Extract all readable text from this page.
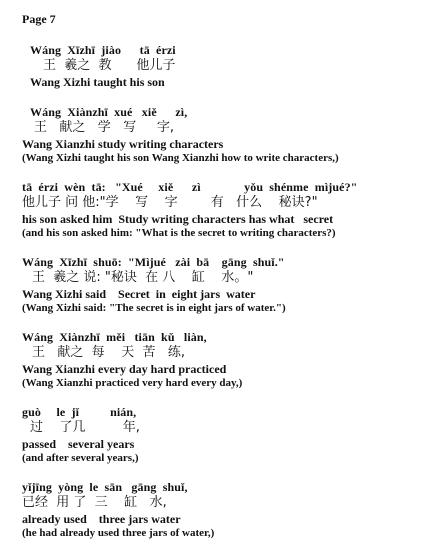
Page 7
Wáng  Xīzhī  jiào      tā  érzi
王  羲之  教      他儿子
Wang Xizhi taught his son
Wáng  Xiànzhī  xué   xiě      zì,
王   献之   学   写     字,
Wang Xianzhi study writing characters
(Wang Xizhi taught his son Wang Xianzhi how to write characters,)
tā  érzi  wèn  tā:   "Xué     xiě      zì              yǒu  shénme  mìjué?"
他儿子 问 他:"学    写    字        有   什么    秘诀?"
his son asked him  Study writing characters has what   secret
(and his son asked him: "What is the secret to writing characters?)
Wáng  Xīzhī  shuō:  "Mìjué   zài  bā    gāng  shuǐ."
王  羲之 说: "秘诀  在 八    缸    水。"
Wang Xizhi said    Secret  in  eight jars  water
(Wang Xizhi said: "The secret is in eight jars of water.")
Wáng  Xiànzhī  měi   tiān  kǔ   liàn,
王   献之  每    天  苦   练,
Wang Xianzhi every day hard practiced
(Wang Xianzhi practiced very hard every day,)
guò     le  jǐ          nián,
过    了几         年,
passed    several years
(and after several years,)
yǐjīng  yòng  le  sān   gāng  shuǐ,
已经  用 了  三    缸   水,
already used    three jars water
(he had already used three jars of water,)
